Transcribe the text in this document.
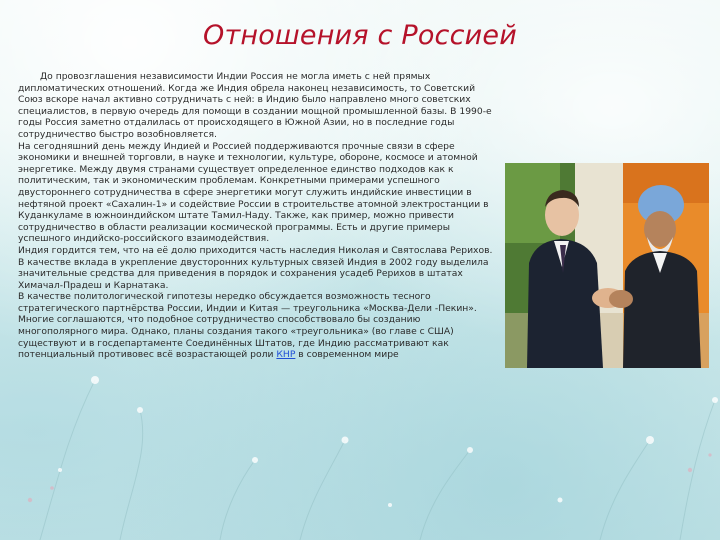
Отношения с Россией

До провозглашения независимости Индии Россия не могла иметь с ней прямых дипломатических отношений. Когда же Индия обрела наконец независимость, то Советский Союз вскоре начал активно сотрудничать с ней: в Индию было направлено много советских специалистов, в первую очередь для помощи в создании мощной промышленной базы. В 1990-е годы Россия заметно отдалилась от происходящего в Южной Азии, но в последние годы сотрудничество быстро возобновляется.

На сегодняшний день между Индией и Россией поддерживаются прочные связи в сфере экономики и внешней торговли, в науке и технологии, культуре, обороне, космосе и атомной энергетике. Между двумя странами существует определенное единство подходов как к политическим, так и экономическим проблемам. Конкретными примерами успешного двустороннего сотрудничества в сфере энергетики могут служить индийские инвестиции в нефтяной проект «Сахалин-1» и содействие России в строительстве атомной электростанции в Куданкуламе в южноиндийском штате Тамил-Наду. Также, как пример, можно привести сотрудничество в области реализации космической программы. Есть и другие примеры успешного индийско-российского взаимодействия.

Индия гордится тем, что на её долю приходится часть наследия Николая и Святослава Рерихов. В качестве вклада в укрепление двусторонних культурных связей Индия в 2002 году выделила значительные средства для приведения в порядок и сохранения усадеб Рерихов в штатах Химачал-Прадеш и Карнатака.

В качестве политологической гипотезы нередко обсуждается возможность тесного стратегического партнёрства России, Индии и Китая — треугольника «Москва-Дели -Пекин». Многие соглашаются, что подобное сотрудничество способствовало бы созданию многополярного мира. Однако, планы создания такого «треугольника» (во главе с США) существуют и в госдепартаменте Соединённых Штатов, где Индию рассматривают как потенциальный противовес всё возрастающей роли КНР в современном мире
